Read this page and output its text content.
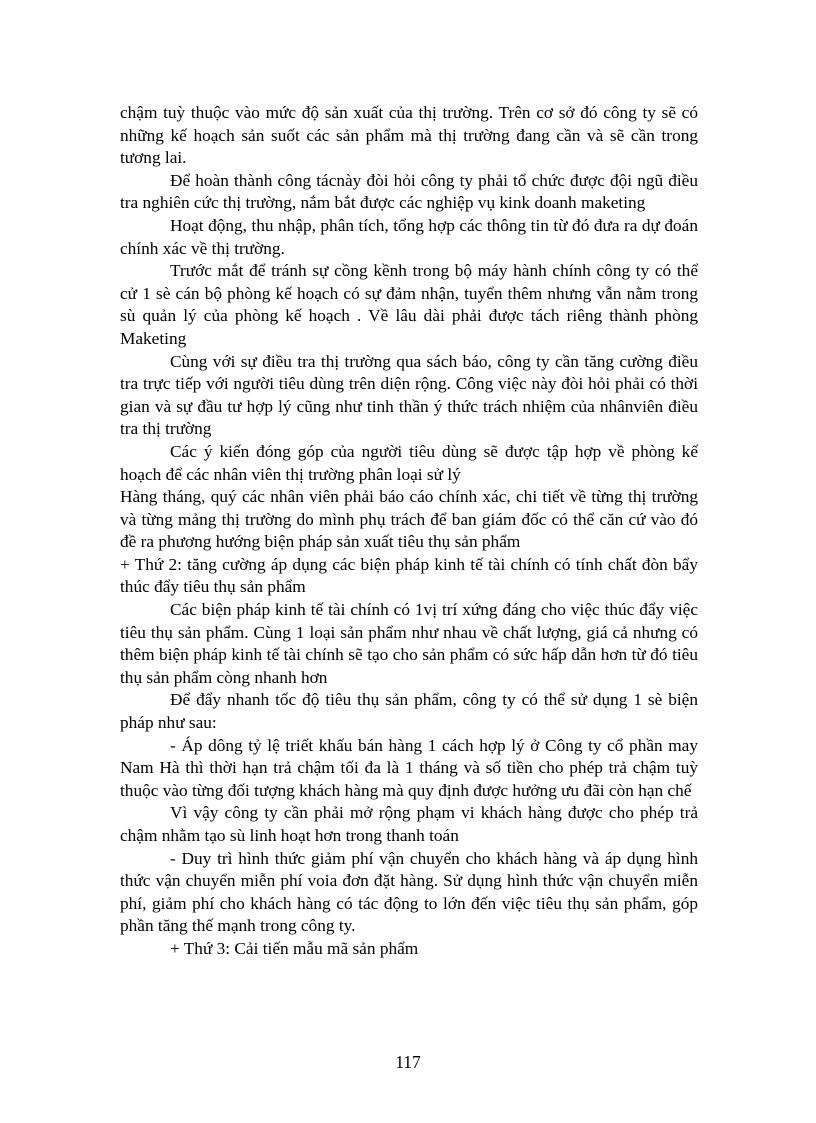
chậm tuỳ thuộc vào mức độ sản xuất của thị trường. Trên cơ sở đó công ty sẽ có những kế hoạch sản suốt các sản phẩm mà thị trường đang cần và sẽ cần trong tương lai.

Để hoàn thành công tácnày đòi hỏi công ty phải tổ chức được đội ngũ điều tra nghiên cức thị trường, nắm bắt được các nghiệp vụ kink doanh maketing

Hoạt động, thu nhập, phân tích, tổng hợp các thông tin từ đó đưa ra dự đoán chính xác về thị trường.

Trước mắt để tránh sự cồng kềnh trong bộ máy hành chính công ty có thể cử 1 sè cán bộ phòng kế hoạch có sự đảm nhận, tuyển thêm nhưng vẫn nằm trong sù quản lý của phòng kế hoạch . Về lâu dài phải được tách riêng thành phòng Maketing

Cùng với sự điều tra thị trường qua sách báo, công ty cần tăng cường điều tra trực tiếp với người tiêu dùng trên diện rộng. Công việc này đòi hỏi phải có thời gian và sự đầu tư hợp lý cũng như tinh thần ý thức trách nhiệm của nhânviên điều tra thị trường

Các ý kiến đóng góp của người tiêu dùng sẽ được tập hợp về phòng kế hoạch để các nhân viên thị trường phân loại sử lý

Hàng tháng, quý các nhân viên phải báo cáo chính xác, chi tiết về từng thị trường và từng mảng thị trường do mình phụ trách để ban giám đốc có thể căn cứ vào đó đề ra phương hướng biện pháp sản xuất tiêu thụ sản phẩm

+ Thứ 2: tăng cường áp dụng các biện pháp kinh tế tài chính có tính chất đòn bẩy thúc đẩy tiêu thụ sản phẩm

Các biện pháp kinh tế tài chính có 1vị trí xứng đáng cho việc thúc đẩy việc tiêu thụ sản phẩm. Cùng 1 loại sản phẩm như nhau về chất lượng, giá cả nhưng có thêm biện pháp kinh tế tài chính sẽ tạo cho sản phẩm có sức hấp dẫn hơn từ đó tiêu thụ sản phẩm còng nhanh hơn

Để đẩy nhanh tốc độ tiêu thụ sản phẩm, công ty có thể sử dụng 1 sè biện pháp như sau:

- Áp dông tỷ lệ triết khấu bán hàng 1 cách hợp lý ở Công ty cổ phần may Nam Hà thì thời hạn trả chậm tối đa là 1 tháng và số tiền cho phép trả chậm tuỳ thuộc vào từng đối tượng khách hàng mà quy định được hưởng ưu đãi còn hạn chế

Vì vậy công ty cần phải mở rộng phạm vi khách hàng được cho phép trả chậm nhằm tạo sù linh hoạt hơn trong thanh toán

- Duy trì hình thức giảm phí vận chuyển cho khách hàng và áp dụng hình thức vận chuyển miễn phí voia đơn đặt hàng. Sử dụng hình thức vận chuyển miễn phí, giảm phí cho khách hàng có tác động to lớn đến việc tiêu thụ sản phẩm, góp phần tăng thế mạnh trong công ty.

+ Thứ 3: Cải tiến mẫu mã sản phẩm

117
